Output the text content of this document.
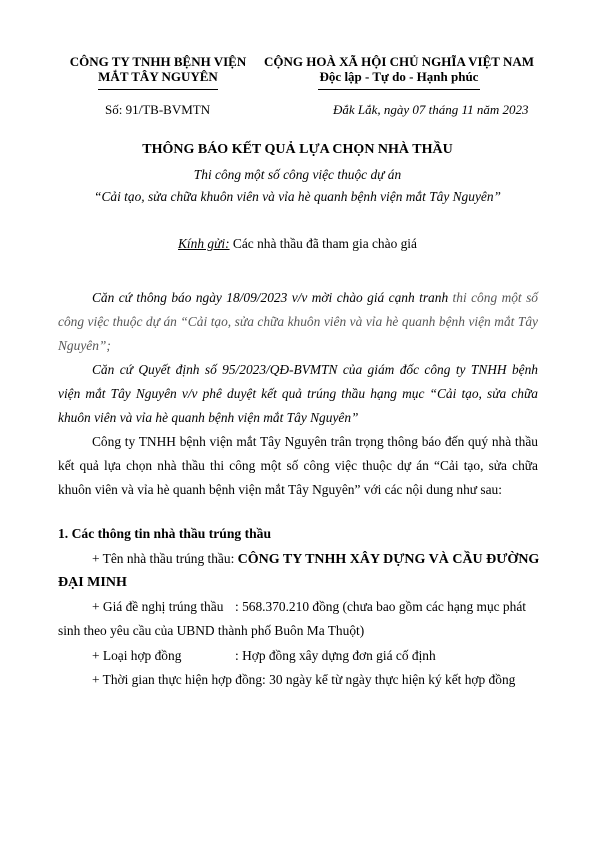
CÔNG TY TNHH BỆNH VIỆN
MẮT TÂY NGUYÊN
CỘNG HOÀ XÃ HỘI CHỦ NGHĨA VIỆT NAM
Độc lập - Tự do - Hạnh phúc
Số: 91/TB-BVMTN	Đắk Lắk, ngày 07 tháng 11 năm 2023
THÔNG BÁO KẾT QUẢ LỰA CHỌN NHÀ THẦU
Thi công một số công việc thuộc dự án
“Cải tạo, sửa chữa khuôn viên và vỉa hè quanh bệnh viện mắt Tây Nguyên”
Kính gửi: Các nhà thầu đã tham gia chào giá
Căn cứ thông báo ngày 18/09/2023 v/v mời chào giá cạnh tranh thi công một số công việc thuộc dự án “Cải tạo, sửa chữa khuôn viên và vỉa hè quanh bệnh viện mắt Tây Nguyên”;
Căn cứ Quyết định số 95/2023/QĐ-BVMTN của giám đốc công ty TNHH bệnh viện mắt Tây Nguyên v/v phê duyệt kết quả trúng thầu hạng mục “Cải tạo, sửa chữa khuôn viên và vỉa hè quanh bệnh viện mắt Tây Nguyên”
Công ty TNHH bệnh viện mắt Tây Nguyên trân trọng thông báo đến quý nhà thầu kết quả lựa chọn nhà thầu thi công một số công việc thuộc dự án “Cải tạo, sửa chữa khuôn viên và vỉa hè quanh bệnh viện mắt Tây Nguyên” với các nội dung như sau:
1. Các thông tin nhà thầu trúng thầu
+ Tên nhà thầu trúng thầu: CÔNG TY TNHH XÂY DỰNG VÀ CẦU ĐƯỜNG
ĐẠI MINH
+ Giá đề nghị trúng thầu : 568.370.210 đồng (chưa bao gồm các hạng mục phát
sinh theo yêu cầu của UBND thành phố Buôn Ma Thuột)
+ Loại hợp đồng	: Hợp đồng xây dựng đơn giá cố định
+ Thời gian thực hiện hợp đồng: 30 ngày kể từ ngày thực hiện ký kết hợp đồng
